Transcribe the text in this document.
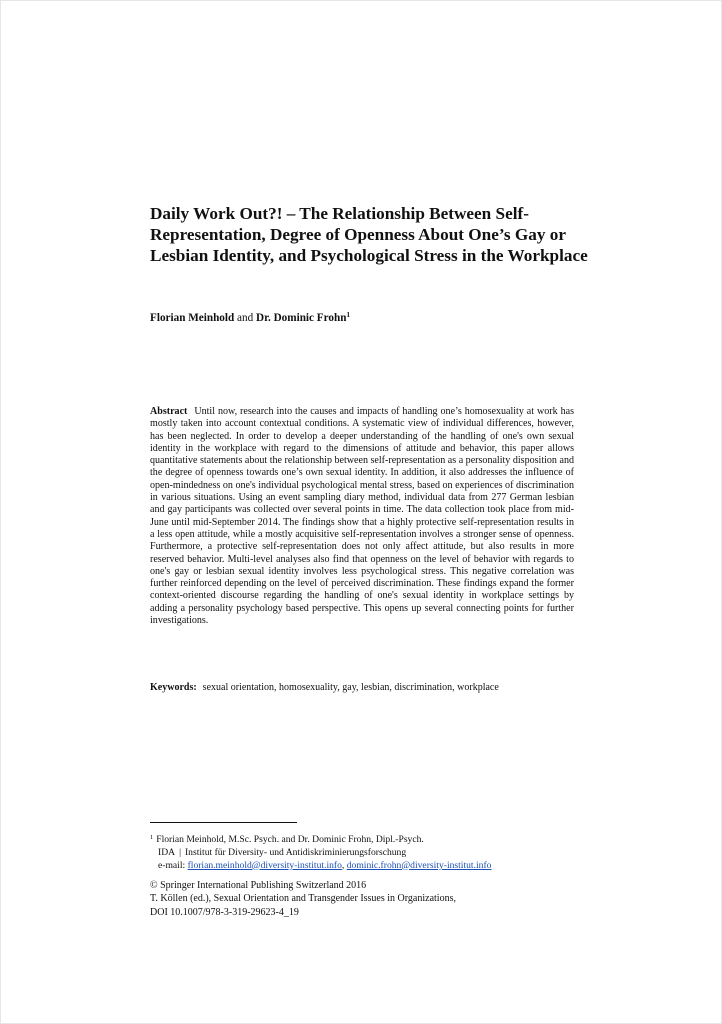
Daily Work Out?! – The Relationship Between Self-Representation, Degree of Openness About One’s Gay or Lesbian Identity, and Psychological Stress in the Workplace
Florian Meinhold and Dr. Dominic Frohn$^1$

Abstract Until now, research into the causes and impacts of handling one’s homosexuality at work has mostly taken into account contextual conditions. A systematic view of individual differences, however, has been neglected. In order to develop a deeper understanding of the handling of one's own sexual identity in the workplace with regard to the dimensions of attitude and behavior, this paper allows quantitative statements about the relationship between self-representation as a personality disposition and the degree of openness towards one’s own sexual identity. In addition, it also addresses the influence of open-mindedness on one's individual psychological mental stress, based on experiences of discrimination in various situations. Using an event sampling diary method, individual data from 277 German lesbian and gay participants was collected over several points in time. The data collection took place from mid-June until mid-September 2014. The findings show that a highly protective self-representation results in a less open attitude, while a mostly acquisitive self-representation involves a stronger sense of openness. Furthermore, a protective self-representation does not only affect attitude, but also results in more reserved behavior. Multi-level analyses also find that openness on the level of behavior with regards to one's gay or lesbian sexual identity involves less psychological stress. This negative correlation was further reinforced depending on the level of perceived discrimination. These findings expand the former context-oriented discourse regarding the handling of one's sexual identity in workplace settings by adding a personality psychology based perspective. This opens up several connecting points for further investigations.

Keywords: sexual orientation, homosexuality, gay, lesbian, discrimination, workplace
$^1$ Florian Meinhold, M.Sc. Psych. and Dr. Dominic Frohn, Dipl.-Psych.
IDA | Institut für Diversity- und Antidiskriminierungsforschung
e-mail: florian.meinhold@diversity-institut.info, dominic.frohn@diversity-institut.info
© Springer International Publishing Switzerland 2016
T. Köllen (ed.), Sexual Orientation and Transgender Issues in Organizations,
DOI 10.1007/978-3-319-29623-4_19
